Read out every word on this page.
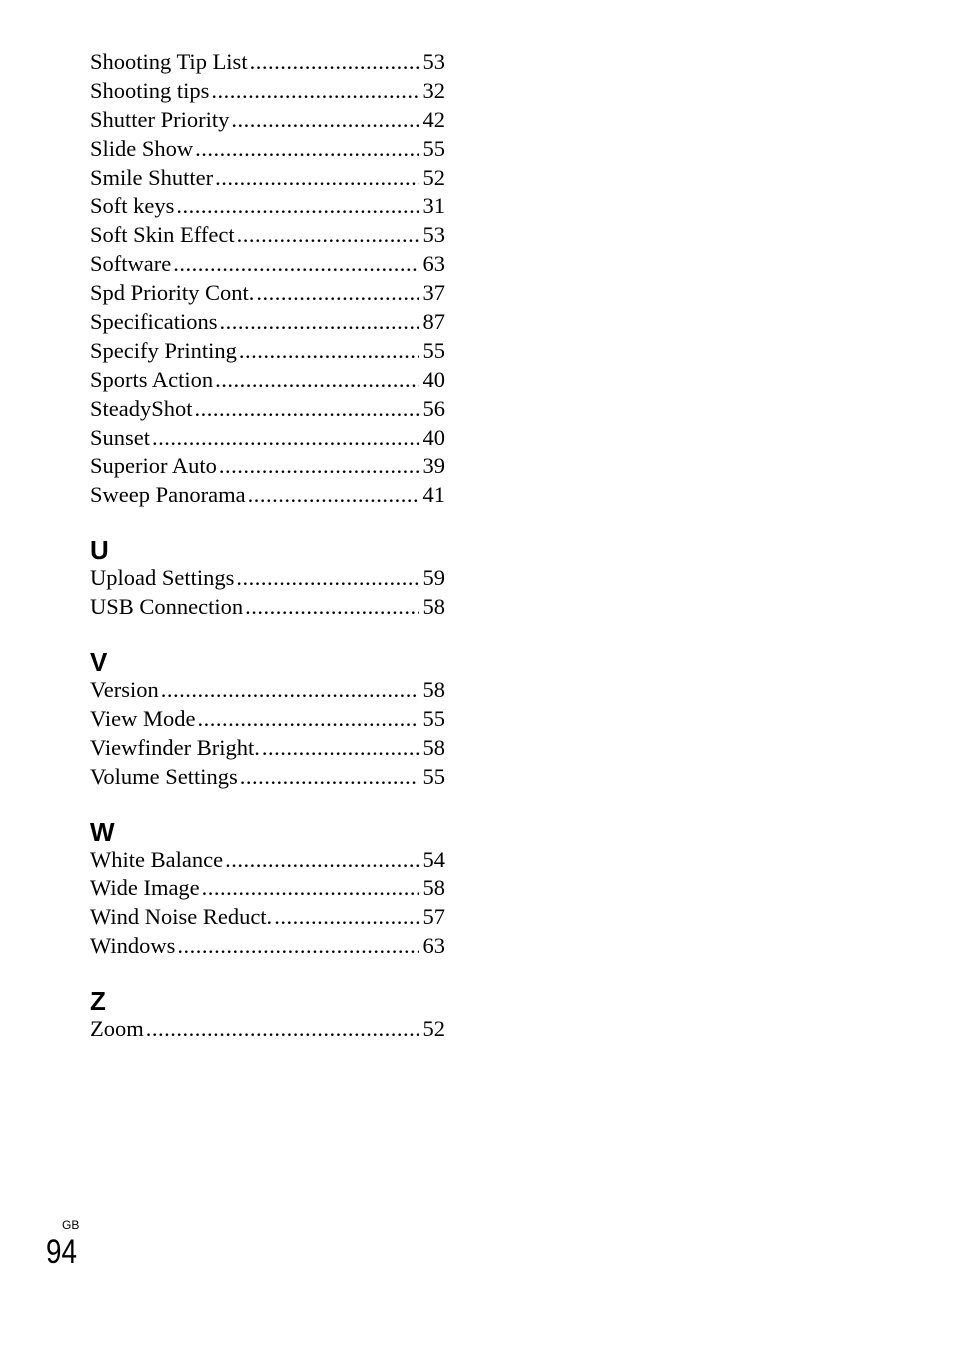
Shooting Tip List .....	53
Shooting tips .....	32
Shutter Priority .....	42
Slide Show .....	55
Smile Shutter .....	52
Soft keys .....	31
Soft Skin Effect .....	53
Software .....	63
Spd Priority Cont. .....	37
Specifications .....	87
Specify Printing .....	55
Sports Action .....	40
SteadyShot .....	56
Sunset .....	40
Superior Auto .....	39
Sweep Panorama .....	41
U
Upload Settings .....	59
USB Connection .....	58
V
Version .....	58
View Mode .....	55
Viewfinder Bright. .....	58
Volume Settings .....	55
W
White Balance .....	54
Wide Image .....	58
Wind Noise Reduct. .....	57
Windows .....	63
Z
Zoom .....	52
GB
94
